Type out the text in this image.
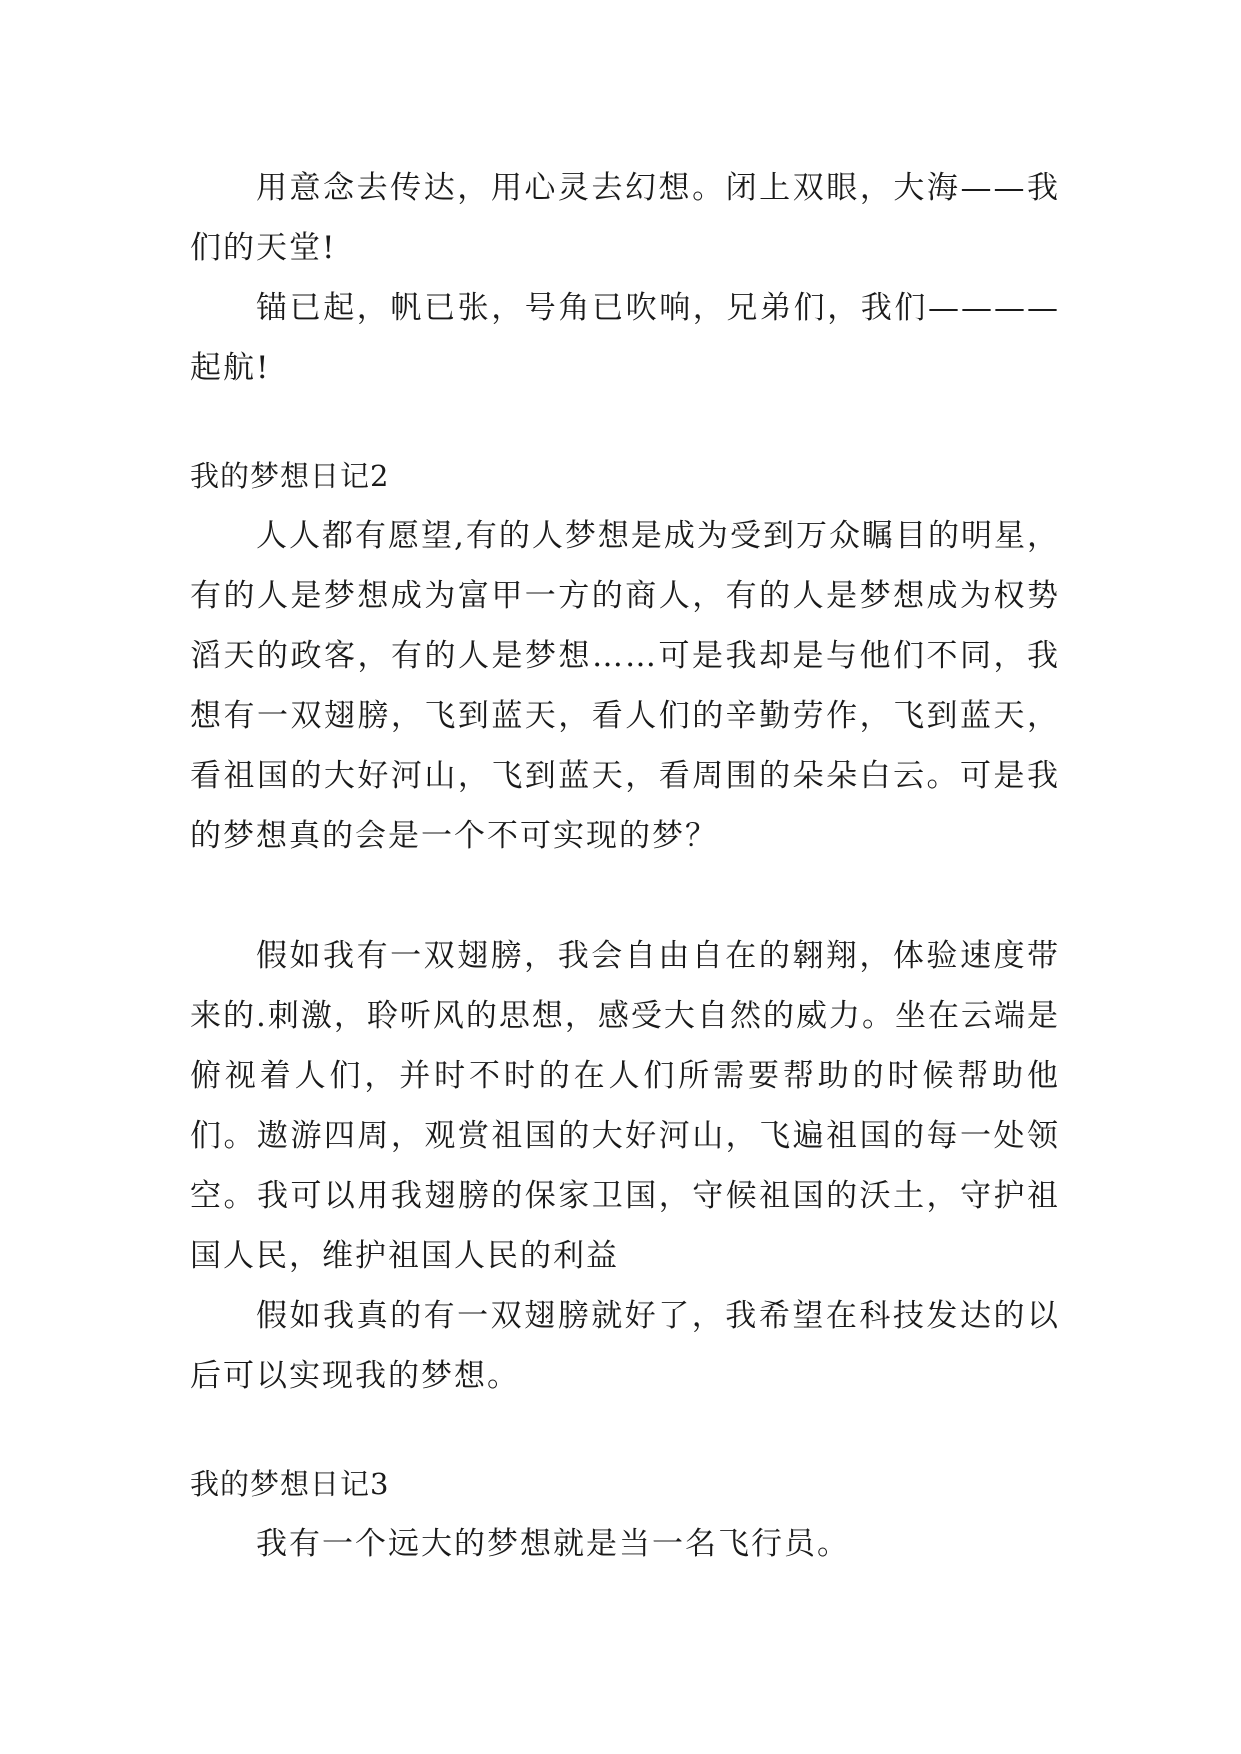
用意念去传达，用心灵去幻想。闭上双眼，大海——我们的天堂!

锚已起，帆已张，号角已吹响，兄弟们，我们————起航!

我的梦想日记2

人人都有愿望,有的人梦想是成为受到万众瞩目的明星，有的人是梦想成为富甲一方的商人，有的人是梦想成为权势滔天的政客，有的人是梦想……可是我却是与他们不同，我想有一双翅膀，飞到蓝天，看人们的辛勤劳作，飞到蓝天，看祖国的大好河山，飞到蓝天，看周围的朵朵白云。可是我的梦想真的会是一个不可实现的梦？

假如我有一双翅膀，我会自由自在的翱翔，体验速度带来的.刺激，聆听风的思想，感受大自然的威力。坐在云端是俯视着人们，并时不时的在人们所需要帮助的时候帮助他们。遨游四周，观赏祖国的大好河山，飞遍祖国的每一处领空。我可以用我翅膀的保家卫国，守候祖国的沃土，守护祖国人民，维护祖国人民的利益

假如我真的有一双翅膀就好了，我希望在科技发达的以后可以实现我的梦想。

我的梦想日记3

我有一个远大的梦想就是当一名飞行员。
